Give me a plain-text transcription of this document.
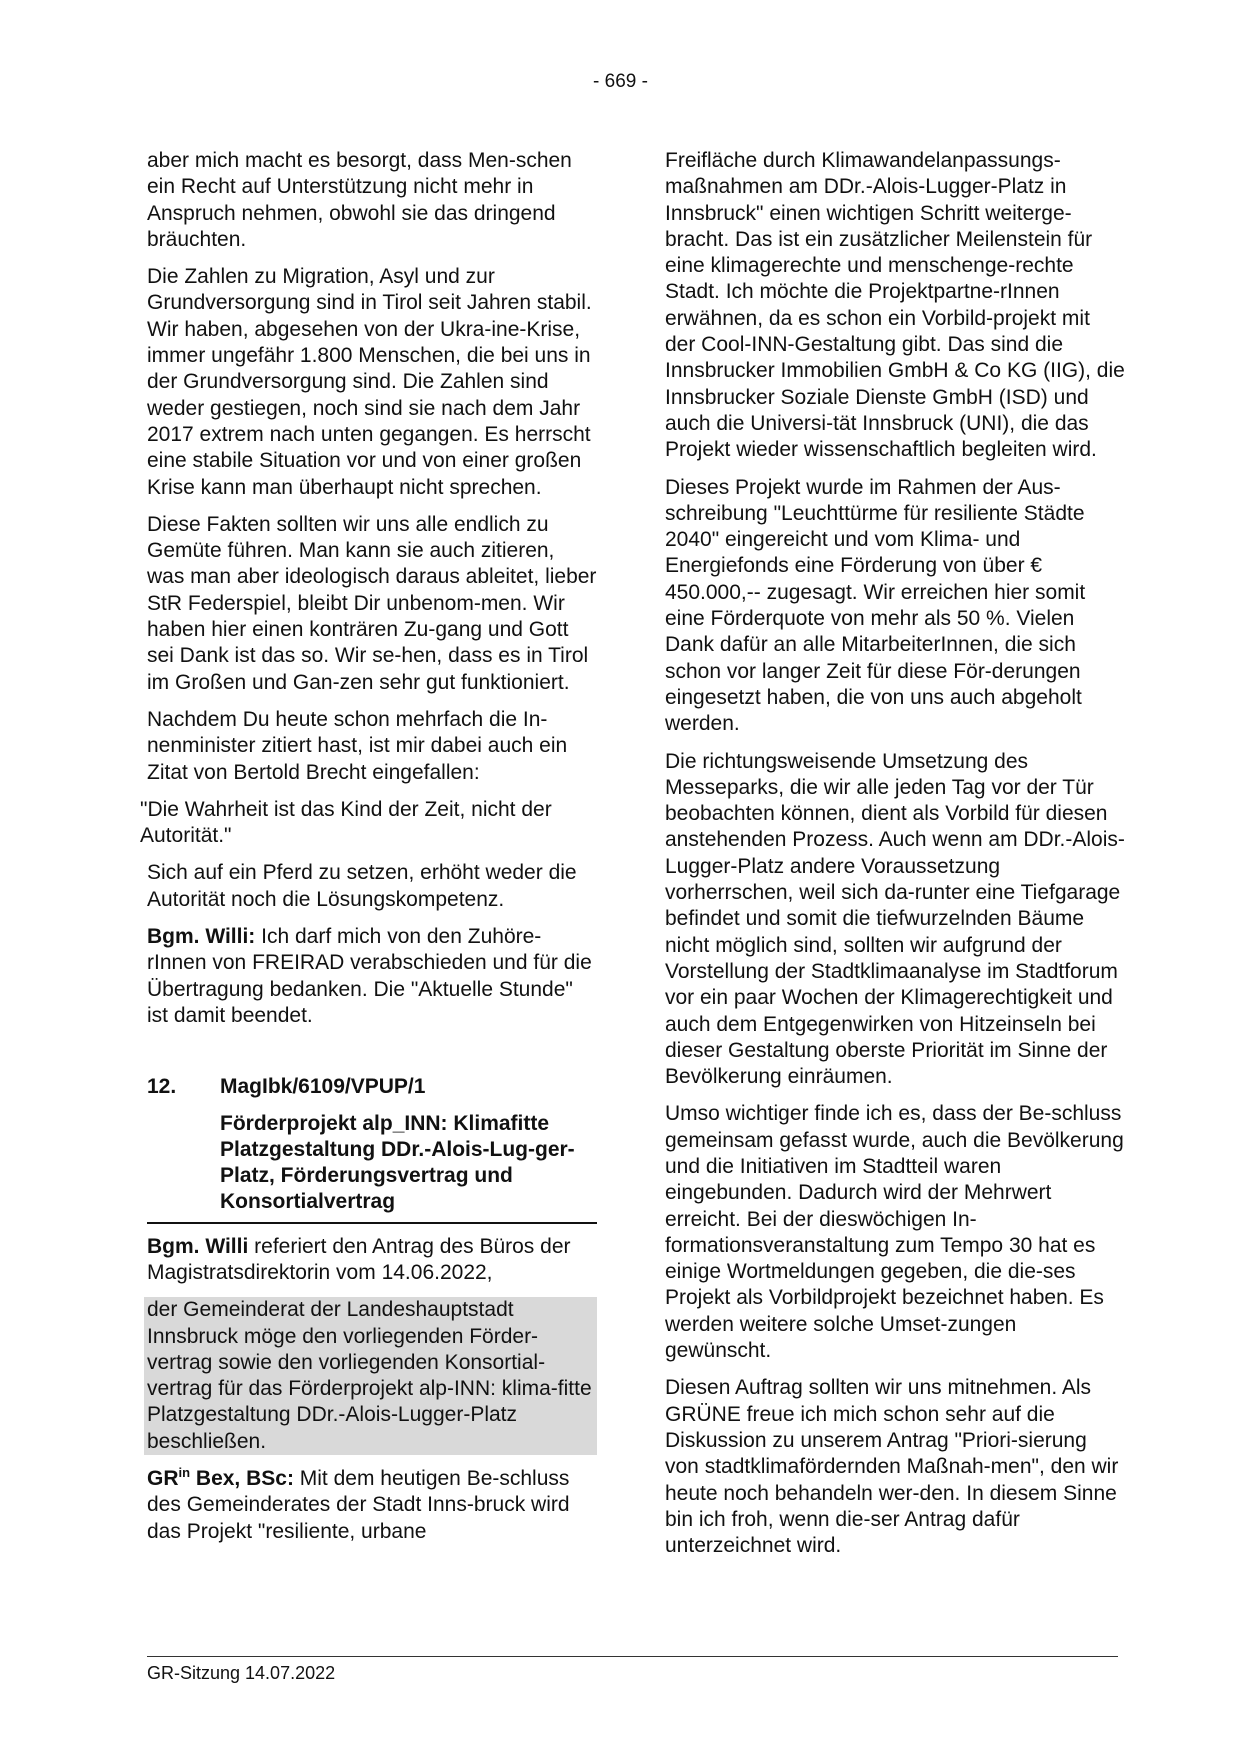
- 669 -

aber mich macht es besorgt, dass Men-schen ein Recht auf Unterstützung nicht mehr in Anspruch nehmen, obwohl sie das dringend bräuchten.

Die Zahlen zu Migration, Asyl und zur Grundversorgung sind in Tirol seit Jahren stabil. Wir haben, abgesehen von der Ukra-ine-Krise, immer ungefähr 1.800 Menschen, die bei uns in der Grundversorgung sind. Die Zahlen sind weder gestiegen, noch sind sie nach dem Jahr 2017 extrem nach unten gegangen. Es herrscht eine stabile Situation vor und von einer großen Krise kann man überhaupt nicht sprechen.

Diese Fakten sollten wir uns alle endlich zu Gemüte führen. Man kann sie auch zitieren, was man aber ideologisch daraus ableitet, lieber StR Federspiel, bleibt Dir unbenom-men. Wir haben hier einen konträren Zu-gang und Gott sei Dank ist das so. Wir se-hen, dass es in Tirol im Großen und Gan-zen sehr gut funktioniert.

Nachdem Du heute schon mehrfach die In-nenminister zitiert hast, ist mir dabei auch ein Zitat von Bertold Brecht eingefallen:

"Die Wahrheit ist das Kind der Zeit, nicht der Autorität."

Sich auf ein Pferd zu setzen, erhöht weder die Autorität noch die Lösungskompetenz.

Bgm. Willi: Ich darf mich von den Zuhöre-rInnen von FREIRAD verabschieden und für die Übertragung bedanken. Die "Aktuelle Stunde" ist damit beendet.

12. MagIbk/6109/VPUP/1
Förderprojekt alp_INN: Klimafitte Platzgestaltung DDr.-Alois-Lug-ger-Platz, Förderungsvertrag und Konsortialvertrag

Bgm. Willi referiert den Antrag des Büros der Magistratsdirektorin vom 14.06.2022,

der Gemeinderat der Landeshauptstadt Innsbruck möge den vorliegenden Förder-vertrag sowie den vorliegenden Konsortial-vertrag für das Förderprojekt alp-INN: klima-fitte Platzgestaltung DDr.-Alois-Lugger-Platz beschließen.

$GR^{in}$ Bex, BSc: Mit dem heutigen Be-schluss des Gemeinderates der Stadt Inns-bruck wird das Projekt "resiliente, urbane

Freifläche durch Klimawandelanpassungs-maßnahmen am DDr.-Alois-Lugger-Platz in Innsbruck" einen wichtigen Schritt weiterge-bracht. Das ist ein zusätzlicher Meilenstein für eine klimagerechte und menschenge-rechte Stadt. Ich möchte die Projektpartne-rInnen erwähnen, da es schon ein Vorbild-projekt mit der Cool-INN-Gestaltung gibt. Das sind die Innsbrucker Immobilien GmbH & Co KG (IIG), die Innsbrucker Soziale Dienste GmbH (ISD) und auch die Universi-tät Innsbruck (UNI), die das Projekt wieder wissenschaftlich begleiten wird.

Dieses Projekt wurde im Rahmen der Aus-schreibung "Leuchttürme für resiliente Städte 2040" eingereicht und vom Klima- und Energiefonds eine Förderung von über € 450.000,-- zugesagt. Wir erreichen hier somit eine Förderquote von mehr als 50 %. Vielen Dank dafür an alle MitarbeiterInnen, die sich schon vor langer Zeit für diese För-derungen eingesetzt haben, die von uns auch abgeholt werden.

Die richtungsweisende Umsetzung des Messeparks, die wir alle jeden Tag vor der Tür beobachten können, dient als Vorbild für diesen anstehenden Prozess. Auch wenn am DDr.-Alois-Lugger-Platz andere Voraussetzung vorherrschen, weil sich da-runter eine Tiefgarage befindet und somit die tiefwurzelnden Bäume nicht möglich sind, sollten wir aufgrund der Vorstellung der Stadtklimaanalyse im Stadtforum vor ein paar Wochen der Klimagerechtigkeit und auch dem Entgegenwirken von Hitzeinseln bei dieser Gestaltung oberste Priorität im Sinne der Bevölkerung einräumen.

Umso wichtiger finde ich es, dass der Be-schluss gemeinsam gefasst wurde, auch die Bevölkerung und die Initiativen im Stadtteil waren eingebunden. Dadurch wird der Mehrwert erreicht. Bei der dieswöchigen In-formationsveranstaltung zum Tempo 30 hat es einige Wortmeldungen gegeben, die die-ses Projekt als Vorbildprojekt bezeichnet haben. Es werden weitere solche Umset-zungen gewünscht.

Diesen Auftrag sollten wir uns mitnehmen. Als GRÜNE freue ich mich schon sehr auf die Diskussion zu unserem Antrag "Priori-sierung von stadtklimafördernden Maßnah-men", den wir heute noch behandeln wer-den. In diesem Sinne bin ich froh, wenn die-ser Antrag dafür unterzeichnet wird.

GR-Sitzung 14.07.2022
